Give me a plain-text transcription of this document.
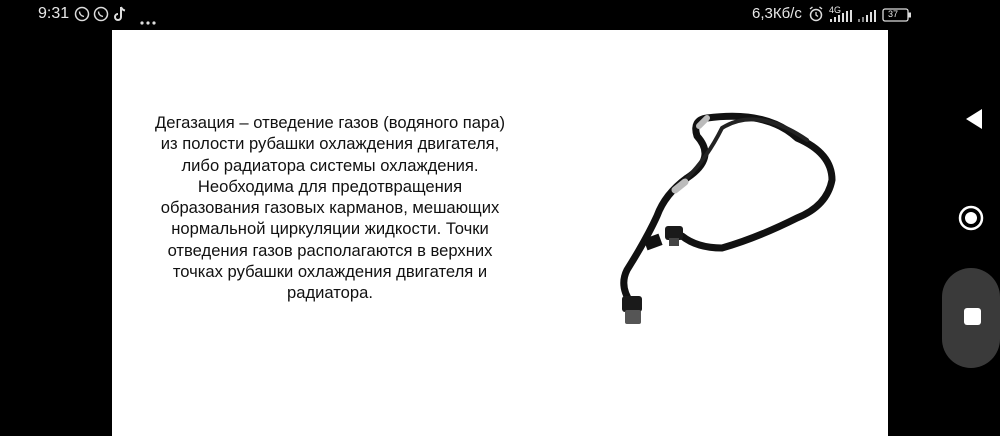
9:31	6,3Кб/с	4G	37
Дегазация – отведение газов (водяного пара) из полости рубашки охлаждения двигателя, либо радиатора системы охлаждения. Необходима для предотвращения образования газовых карманов, мешающих нормальной циркуляции жидкости. Точки отведения газов располагаются в верхних точках рубашки охлаждения двигателя и радиатора.
